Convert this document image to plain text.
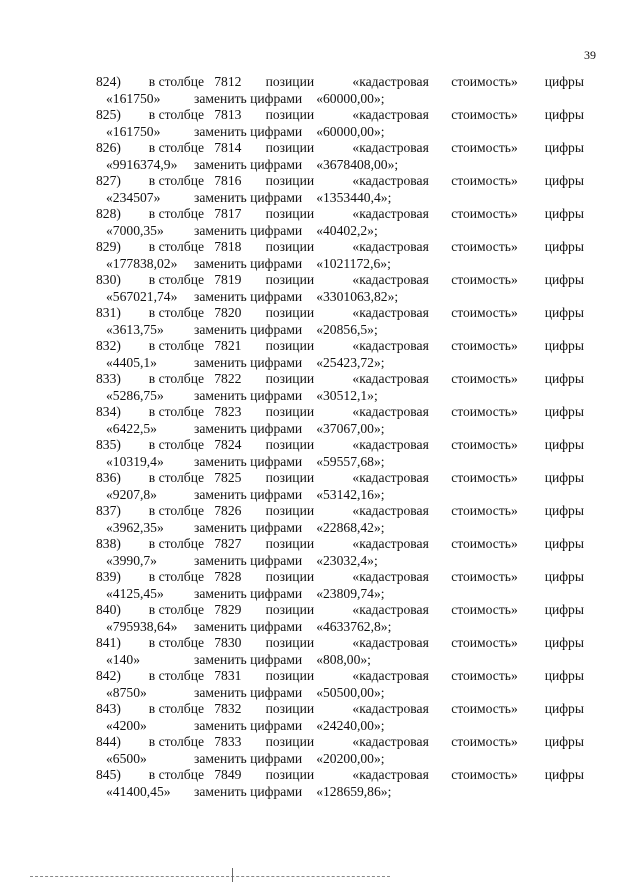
39
824)	в столбце 7812	позиции	«кадастровая	стоимость»	цифры
«161750» заменить цифрами «60000,00»;
825)	в столбце 7813	позиции	«кадастровая	стоимость»	цифры
«161750» заменить цифрами «60000,00»;
826)	в столбце 7814	позиции	«кадастровая	стоимость»	цифры
«9916374,9» заменить цифрами «3678408,00»;
827)	в столбце 7816	позиции	«кадастровая	стоимость»	цифры
«234507» заменить цифрами «1353440,4»;
828)	в столбце 7817	позиции	«кадастровая	стоимость»	цифры
«7000,35» заменить цифрами «40402,2»;
829)	в столбце 7818	позиции	«кадастровая	стоимость»	цифры
«177838,02» заменить цифрами «1021172,6»;
830)	в столбце 7819	позиции	«кадастровая	стоимость»	цифры
«567021,74» заменить цифрами «3301063,82»;
831)	в столбце 7820	позиции	«кадастровая	стоимость»	цифры
«3613,75» заменить цифрами «20856,5»;
832)	в столбце 7821	позиции	«кадастровая	стоимость»	цифры
«4405,1»	заменить цифрами «25423,72»;
833)	в столбце 7822	позиции	«кадастровая	стоимость»	цифры
«5286,75» заменить цифрами «30512,1»;
834)	в столбце 7823	позиции	«кадастровая	стоимость»	цифры
«6422,5»	заменить цифрами «37067,00»;
835)	в столбце 7824	позиции	«кадастровая	стоимость»	цифры
«10319,4» заменить цифрами «59557,68»;
836)	в столбце 7825	позиции	«кадастровая	стоимость»	цифры
«9207,8»	заменить цифрами «53142,16»;
837)	в столбце 7826	позиции	«кадастровая	стоимость»	цифры
«3962,35» заменить цифрами «22868,42»;
838)	в столбце 7827	позиции	«кадастровая	стоимость»	цифры
«3990,7»	заменить цифрами «23032,4»;
839)	в столбце 7828	позиции	«кадастровая	стоимость»	цифры
«4125,45» заменить цифрами «23809,74»;
840)	в столбце 7829	позиции	«кадастровая	стоимость»	цифры
«795938,64» заменить цифрами «4633762,8»;
841)	в столбце 7830	позиции	«кадастровая	стоимость»	цифры
«140»	заменить цифрами «808,00»;
842)	в столбце 7831	позиции	«кадастровая	стоимость»	цифры
«8750»	заменить цифрами «50500,00»;
843)	в столбце 7832	позиции	«кадастровая	стоимость»	цифры
«4200»	заменить цифрами «24240,00»;
844)	в столбце 7833	позиции	«кадастровая	стоимость»	цифры
«6500»	заменить цифрами «20200,00»;
845)	в столбце 7849	позиции	«кадастровая	стоимость»	цифры
«41400,45» заменить цифрами «128659,86»;
